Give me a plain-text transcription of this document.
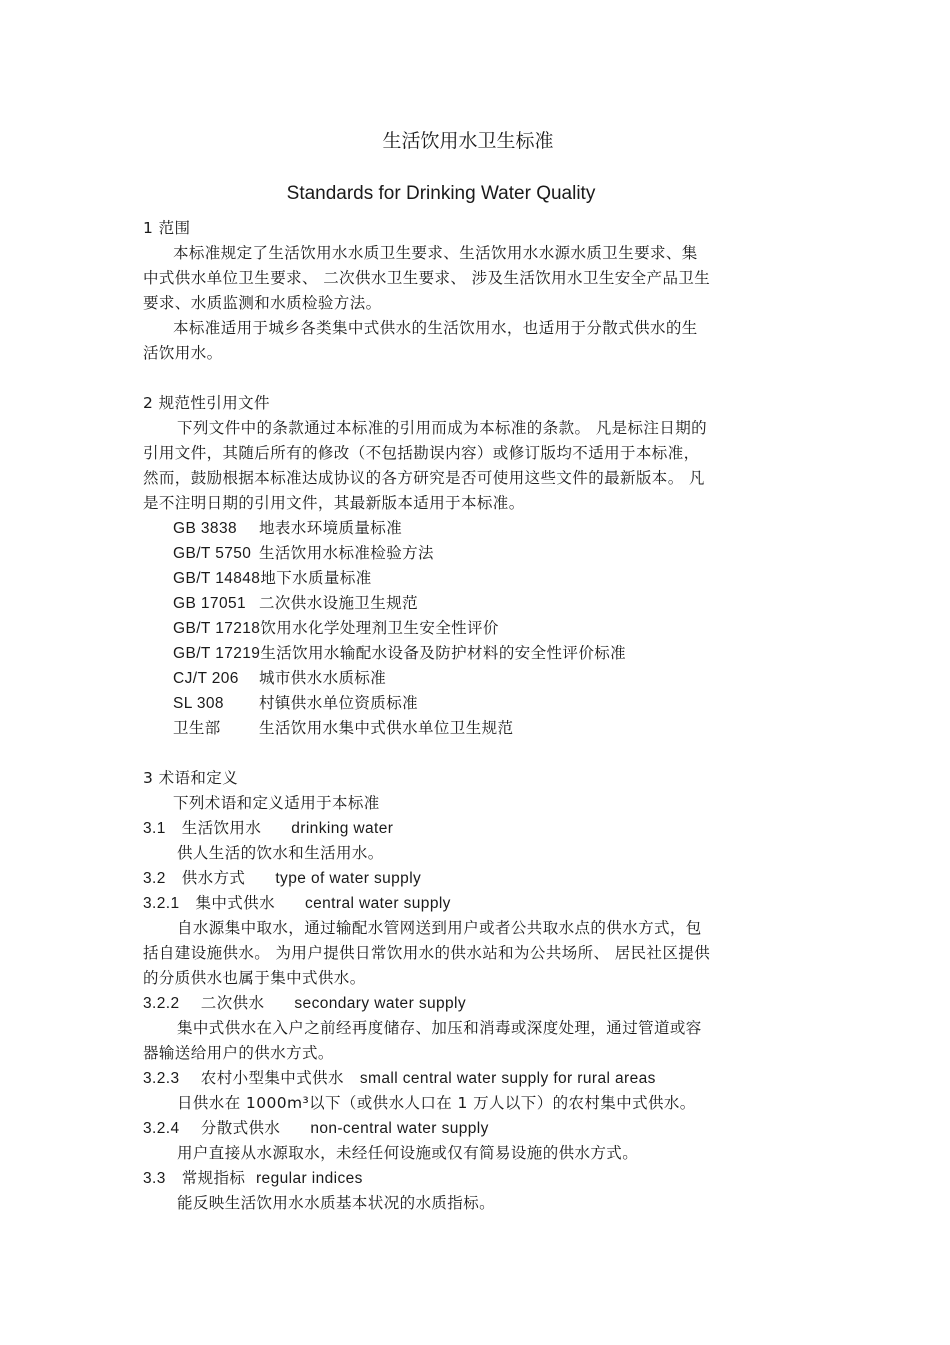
生活饮用水卫生标准
Standards for Drinking Water Quality

1 范围

本标准规定了生活饮用水水质卫生要求、生活饮用水水源水质卫生要求、集

中式供水单位卫生要求、 二次供水卫生要求、 涉及生活饮用水卫生安全产品卫生

要求、水质监测和水质检验方法。

本标准适用于城乡各类集中式供水的生活饮用水，也适用于分散式供水的生

活饮用水。

2 规范性引用文件

下列文件中的条款通过本标准的引用而成为本标准的条款。 凡是标注日期的

引用文件，其随后所有的修改（不包括勘误内容）或修订版均不适用于本标准，

然而，鼓励根据本标准达成协议的各方研究是否可使用这些文件的最新版本。 凡

是不注明日期的引用文件，其最新版本适用于本标准。

GB 3838 地表水环境质量标准

GB/T 5750 生活饮用水标准检验方法

GB/T 14848地下水质量标准

GB 17051 二次供水设施卫生规范

GB/T 17218饮用水化学处理剂卫生安全性评价

GB/T 17219生活饮用水输配水设备及防护材料的安全性评价标准

CJ/T 206 城市供水水质标准

SL 308 村镇供水单位资质标准

卫生部 生活饮用水集中式供水单位卫生规范

3 术语和定义

下列术语和定义适用于本标准

3.1 生活饮用水 drinking water

供人生活的饮水和生活用水。

3.2 供水方式 type of water supply

3.2.1 集中式供水 central water supply

自水源集中取水，通过输配水管网送到用户或者公共取水点的供水方式，包

括自建设施供水。 为用户提供日常饮用水的供水站和为公共场所、 居民社区提供

的分质供水也属于集中式供水。

3.2.2 二次供水 secondary water supply

集中式供水在入户之前经再度储存、加压和消毒或深度处理，通过管道或容

器输送给用户的供水方式。

3.2.3 农村小型集中式供水 small central water supply for rural areas

日供水在 1000m³以下（或供水人口在 1 万人以下）的农村集中式供水。

3.2.4 分散式供水 non-central water supply

用户直接从水源取水，未经任何设施或仅有简易设施的供水方式。

3.3 常规指标 regular indices

能反映生活饮用水水质基本状况的水质指标。
